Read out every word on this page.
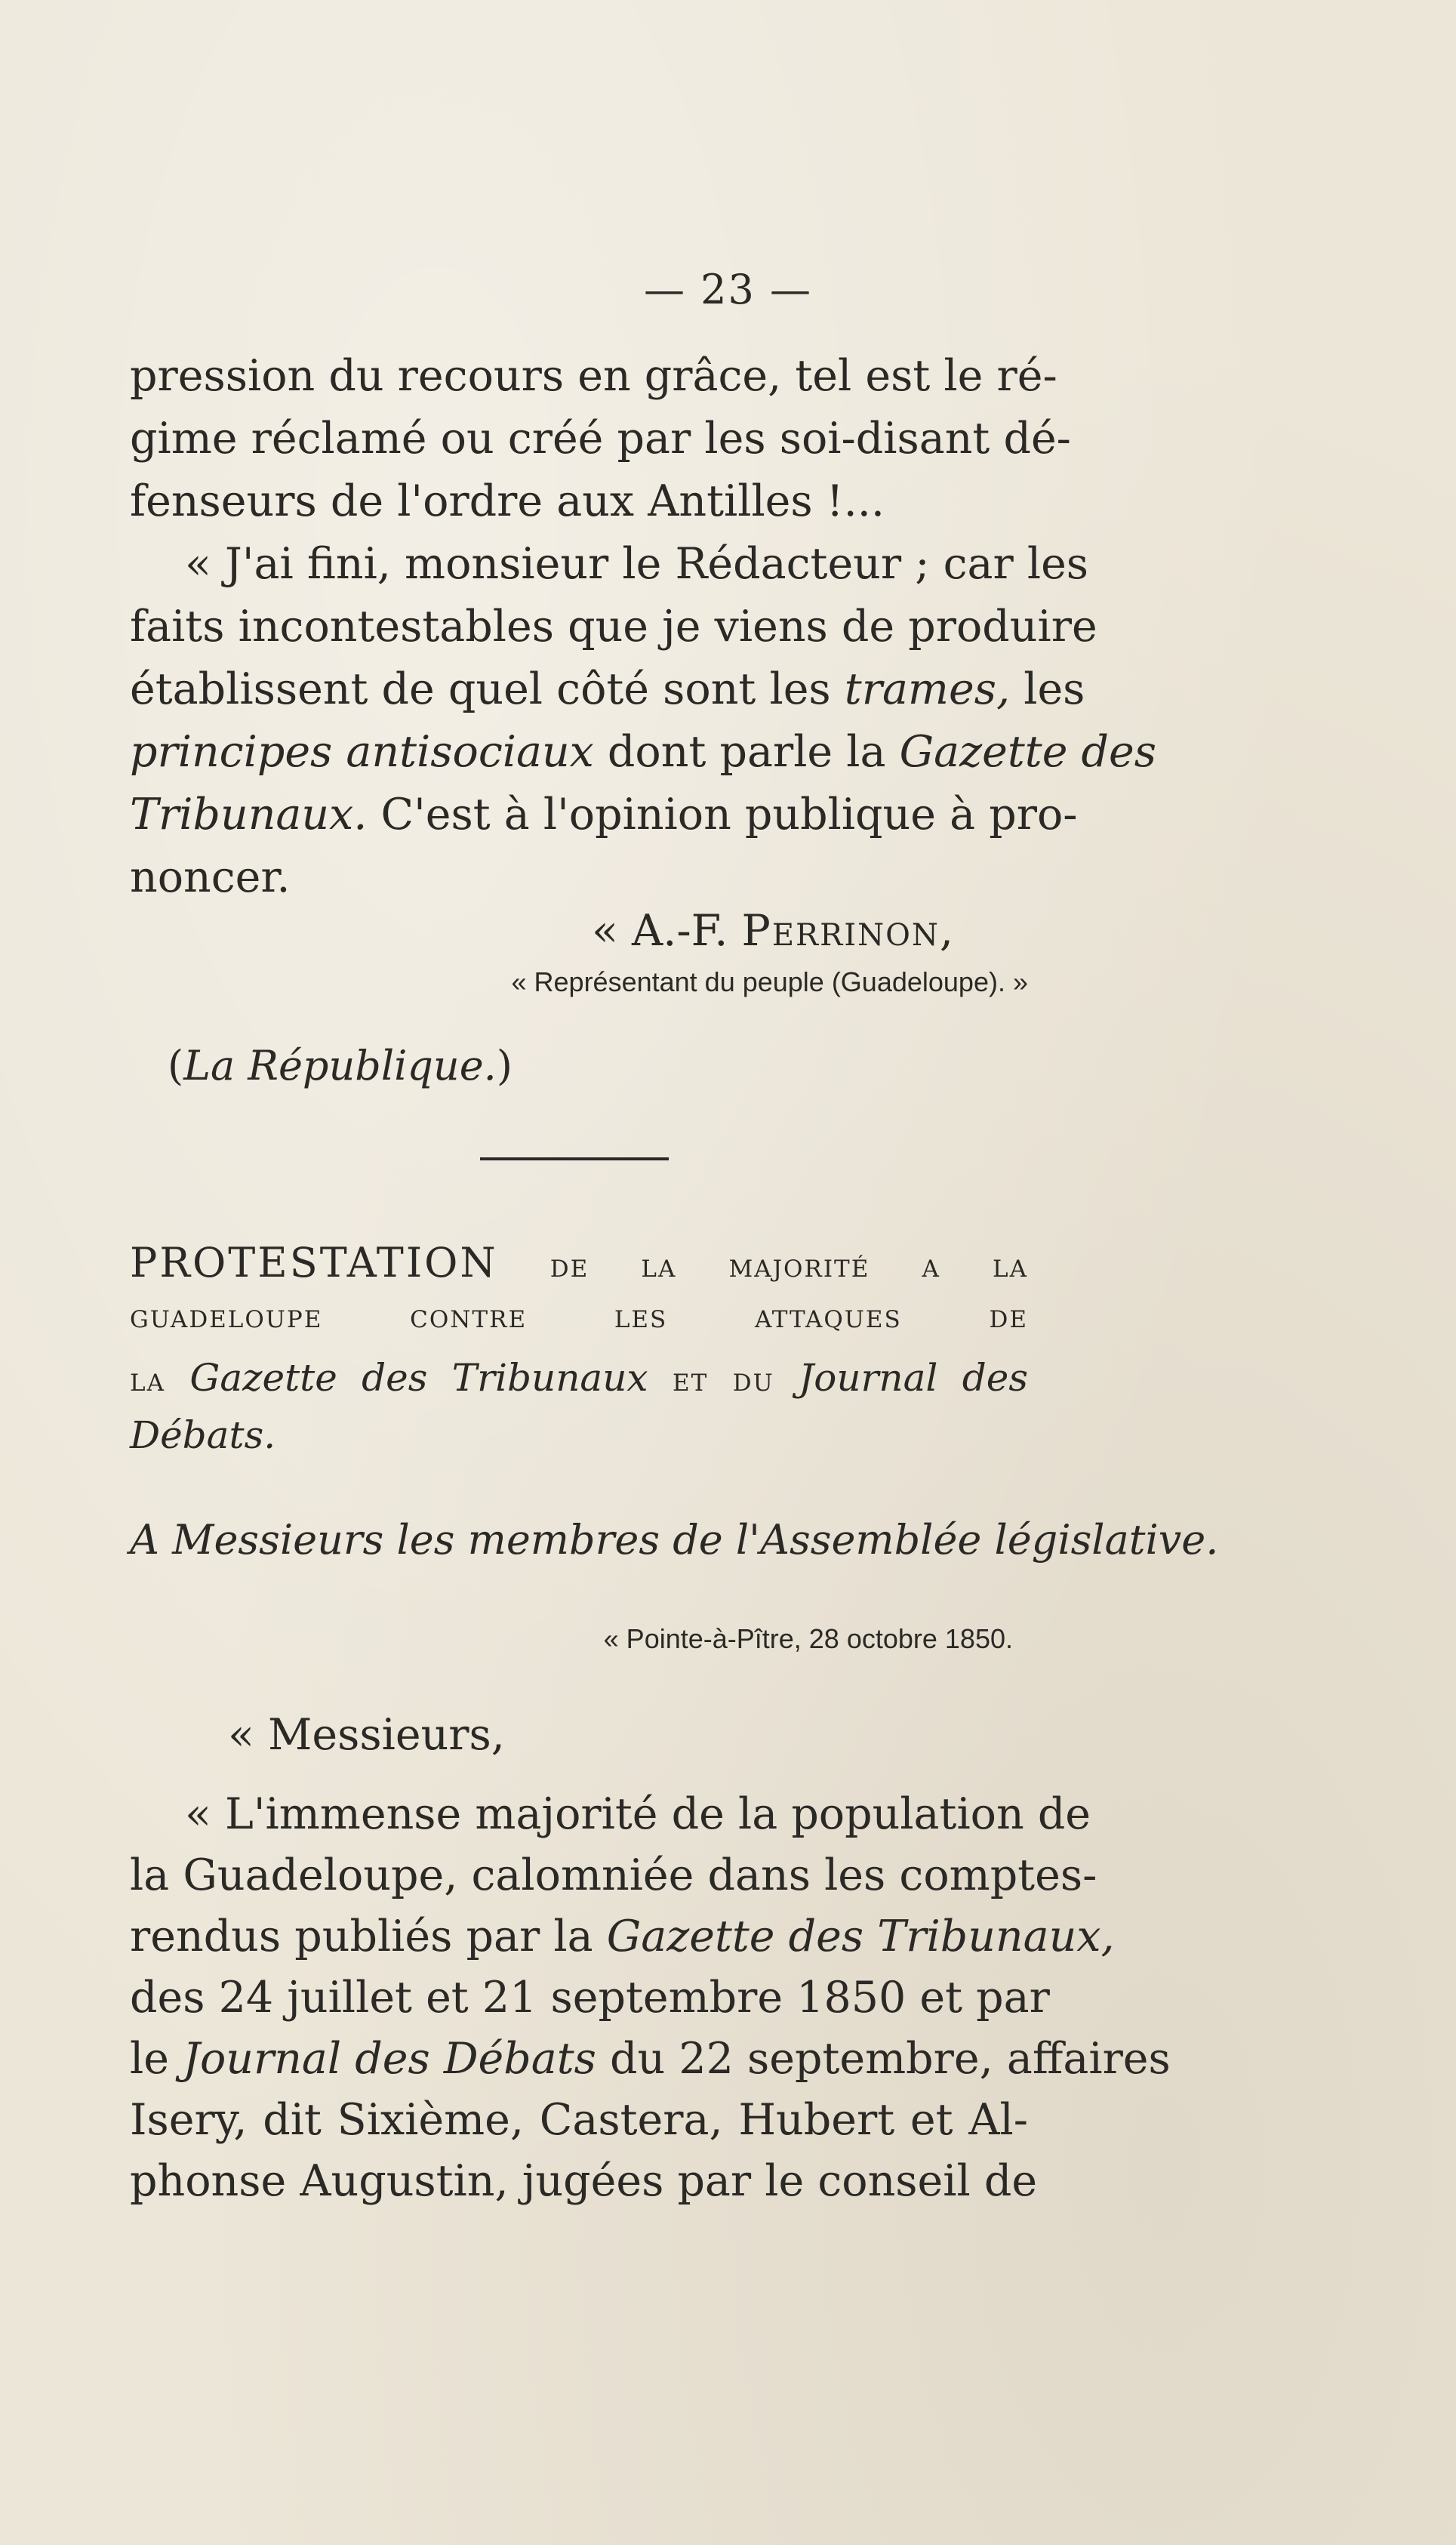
— 23 —
pression du recours en grâce, tel est le ré-
gime réclamé ou créé par les soi-disant dé-
fenseurs de l'ordre aux Antilles !...
« J'ai fini, monsieur le Rédacteur ; car les
faits incontestables que je viens de produire
établissent de quel côté sont les trames, les
principes antisociaux dont parle la Gazette des
Tribunaux. C'est à l'opinion publique à pro-
noncer.
« A.-F. Perrinon,
« Représentant du peuple (Guadeloupe). »
(La République.)
PROTESTATION de la majorité a la
guadeloupe contre les attaques de
la Gazette des Tribunaux et du Journal des
Débats.
A Messieurs les membres de l'Assemblée législative.
« Pointe-à-Pître, 28 octobre 1850.
« Messieurs,
« L'immense majorité de la population de
la Guadeloupe, calomniée dans les comptes-
rendus publiés par la Gazette des Tribunaux,
des 24 juillet et 21 septembre 1850 et par
le Journal des Débats du 22 septembre, affaires
Isery, dit Sixième, Castera, Hubert et Al-
phonse Augustin, jugées par le conseil de
